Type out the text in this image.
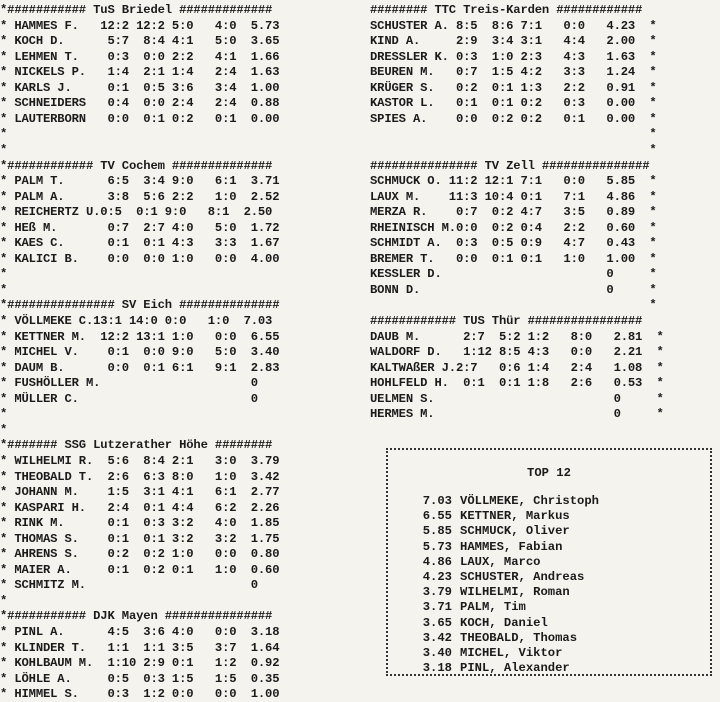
*########### TuS Briedel #############
* HAMMES F.   12:2 12:2 5:0   4:0  5.73
* KOCH D.      5:7  8:4 4:1   5:0  3.65
* LEHMEN T.    0:3  0:0 2:2   4:1  1.66
* NICKELS P.   1:4  2:1 1:4   2:4  1.63
* KARLS J.     0:1  0:5 3:6   3:4  1.00
* SCHNEIDERS   0:4  0:0 2:4   2:4  0.88
* LAUTERBORN   0:0  0:1 0:2   0:1  0.00
*
*
*############ TV Cochem ##############
* PALM T.      6:5  3:4 9:0   6:1  3.71
* PALM A.      3:8  5:6 2:2   1:0  2.52
* REICHERTZ U.0:5  0:1 9:0   8:1  2.50
* HEß M.       0:7  2:7 4:0   5:0  1.72
* KAES C.      0:1  0:1 4:3   3:3  1.67
* KALICI B.    0:0  0:0 1:0   0:0  4.00
*
*
*############### SV Eich ##############
* VÖLLMEKE C.13:1 14:0 0:0   1:0  7.03
* KETTNER M.  12:2 13:1 1:0   0:0  6.55
* MICHEL V.    0:1  0:0 9:0   5:0  3.40
* DAUM B.      0:0  0:1 6:1   9:1  2.83
* FUSHÖLLER M.                     0
* MÜLLER C.                        0
*
*
*####### SSG Lutzerather Höhe ########
* WILHELMI R.  5:6  8:4 2:1   3:0  3.79
* THEOBALD T.  2:6  6:3 8:0   1:0  3.42
* JOHANN M.    1:5  3:1 4:1   6:1  2.77
* KASPARI H.   2:4  0:1 4:4   6:2  2.26
* RINK M.      0:1  0:3 3:2   4:0  1.85
* THOMAS S.    0:1  0:1 3:2   3:2  1.75
* AHRENS S.    0:2  0:2 1:0   0:0  0.80
* MAIER A.     0:1  0:2 0:1   1:0  0.60
* SCHMITZ M.                       0
*
*########### DJK Mayen ###############
* PINL A.      4:5  3:6 4:0   0:0  3.18
* KLINDER T.   1:1  1:1 3:5   3:7  1.64
* KOHLBAUM M.  1:10 2:9 0:1   1:2  0.92
* LÖHLE A.     0:5  0:3 1:5   1:5  0.35
* HIMMEL S.    0:3  1:2 0:0   0:0  1.00
######## TTC Treis-Karden ############
SCHUSTER A. 8:5  8:6 7:1   0:0   4.23  *
KIND A.     2:9  3:4 3:1   4:4   2.00  *
DRESSLER K. 0:3  1:0 2:3   4:3   1.63  *
BEUREN M.   0:7  1:5 4:2   3:3   1.24  *
KRÜGER S.   0:2  0:1 1:3   2:2   0.91  *
KASTOR L.   0:1  0:1 0:2   0:3   0.00  *
SPIES A.    0:0  0:2 0:2   0:1   0.00  *
*
*
############### TV Zell ###############
SCHMUCK O. 11:2 12:1 7:1   0:0   5.85  *
LAUX M.    11:3 10:4 0:1   7:1   4.86  *
MERZA R.    0:7  0:2 4:7   3:5   0.89  *
RHEINISCH M.0:0  0:2 0:4   2:2   0.60  *
SCHMIDT A.  0:3  0:5 0:9   4:7   0.43  *
BREMER T.   0:0  0:1 0:1   1:0   1.00  *
KESSLER D.                       0     *
BONN D.                          0     *
*
############ TUS Thür ################
DAUB M.      2:7  5:2 1:2   8:0   2.81  *
WALDORF D.   1:12 8:5 4:3   0:0   2.21  *
KALTWAßER J.2:7   0:6 1:4   2:4   1.08  *
HOHLFELD H.  0:1  0:1 1:8   2:6   0.53  *
UELMEN S.                         0     *
HERMES M.                         0     *
TOP 12
7.03 VÖLLMEKE, Christoph
6.55 KETTNER, Markus
5.85 SCHMUCK, Oliver
5.73 HAMMES, Fabian
4.86 LAUX, Marco
4.23 SCHUSTER, Andreas
3.79 WILHELMI, Roman
3.71 PALM, Tim
3.65 KOCH, Daniel
3.42 THEOBALD, Thomas
3.40 MICHEL, Viktor
3.18 PINL, Alexander
